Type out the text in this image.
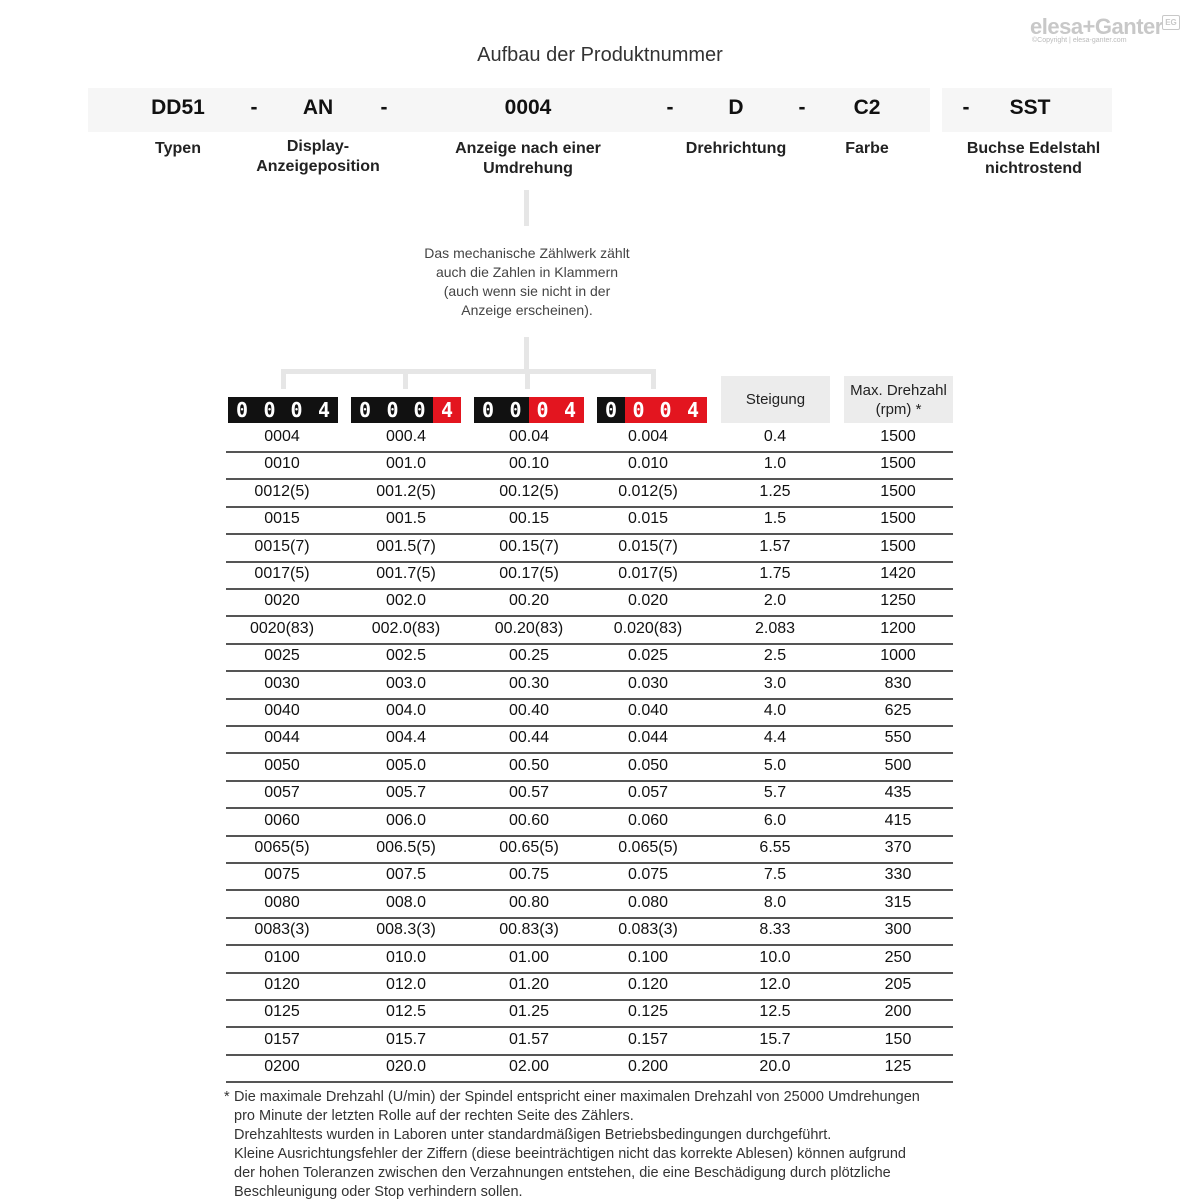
elesa+Ganter EG
©Copyright | elesa-ganter.com
Aufbau der Produktnummer
DD51	-	AN	-	0004	-	D	-	C2	-	SST
Typen	Display-
Anzeigeposition
Anzeige nach einer
Umdrehung
Drehrichtung	Farbe	Buchse Edelstahl
nichtrostend
Das mechanische Zählwerk zählt
auch die Zahlen in Klammern
(auch wenn sie nicht in der
Anzeige erscheinen).
0 0 0 4	0 0 0 4	0 0 0 4	0 0 0 4	Steigung
Max. Drehzahl
(rpm) *
0004	000.4	00.04	0.004	0.4	1500
0010	001.0	00.10	0.010	1.0	1500
0012(5)	001.2(5)	00.12(5)	0.012(5)	1.25	1500
0015	001.5	00.15	0.015	1.5	1500
0015(7)	001.5(7)	00.15(7)	0.015(7)	1.57	1500
0017(5)	001.7(5)	00.17(5)	0.017(5)	1.75	1420
0020	002.0	00.20	0.020	2.0	1250
0020(83)	002.0(83)	00.20(83)	0.020(83)	2.083	1200
0025	002.5	00.25	0.025	2.5	1000
0030	003.0	00.30	0.030	3.0	830
0040	004.0	00.40	0.040	4.0	625
0044	004.4	00.44	0.044	4.4	550
0050	005.0	00.50	0.050	5.0	500
0057	005.7	00.57	0.057	5.7	435
0060	006.0	00.60	0.060	6.0	415
0065(5)	006.5(5)	00.65(5)	0.065(5)	6.55	370
0075	007.5	00.75	0.075	7.5	330
0080	008.0	00.80	0.080	8.0	315
0083(3)	008.3(3)	00.83(3)	0.083(3)	8.33	300
0100	010.0	01.00	0.100	10.0	250
0120	012.0	01.20	0.120	12.0	205
0125	012.5	01.25	0.125	12.5	200
0157	015.7	01.57	0.157	15.7	150
0200	020.0	02.00	0.200	20.0	125
* Die maximale Drehzahl (U/min) der Spindel entspricht einer maximalen Drehzahl von 25000 Umdrehungen
pro Minute der letzten Rolle auf der rechten Seite des Zählers.
Drehzahltests wurden in Laboren unter standardmäßigen Betriebsbedingungen durchgeführt.
Kleine Ausrichtungsfehler der Ziffern (diese beeinträchtigen nicht das korrekte Ablesen) können aufgrund
der hohen Toleranzen zwischen den Verzahnungen entstehen, die eine Beschädigung durch plötzliche
Beschleunigung oder Stop verhindern sollen.
